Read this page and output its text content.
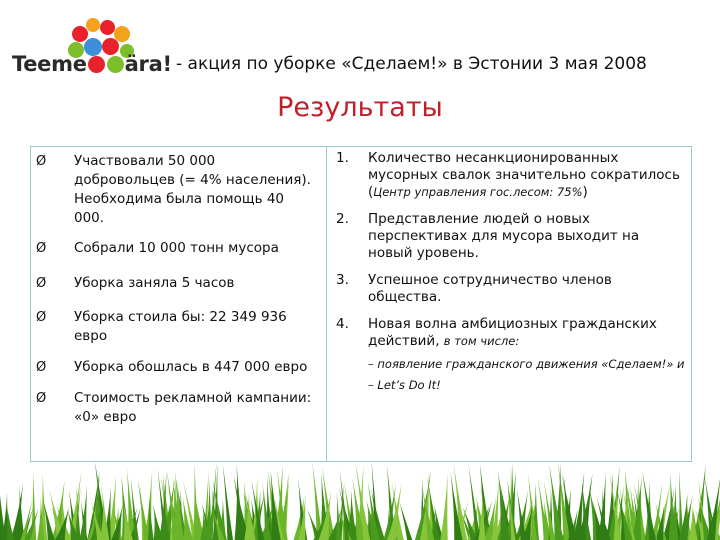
Teeme ära! - акция по уборке «Сделаем!» в Эстонии 3 мая 2008
Результаты
Ø Участвовали 50 000 добровольцев (= 4% населения). Необходима была помощь 40 000.
Ø Собрали 10 000 тонн мусора
Ø Уборка заняла 5 часов
Ø Уборка стоила бы: 22 349 936 евро
Ø Уборка обошлась в 447 000 евро
Ø Стоимость рекламной кампании: «0» евро
1. Количество несанкционированных мусорных свалок значительно сократилось (Центр управления гос.лесом: 75%)
2. Представление людей о новых перспективах для мусора выходит на новый уровень.
3. Успешное сотрудничество членов общества.
4. Новая волна амбициозных гражданских действий, в том числе:
– появление гражданского движения «Сделаем!» и
– Let’s Do It!
